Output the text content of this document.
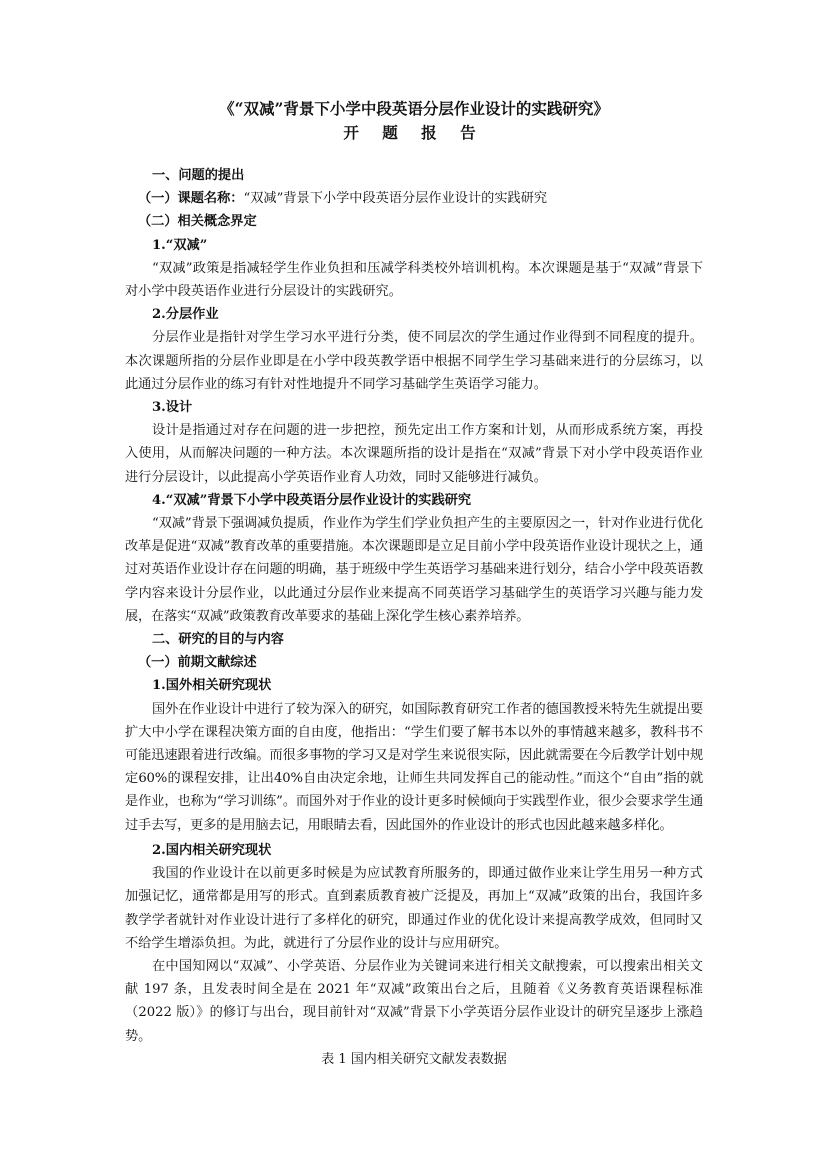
《“双减”背景下小学中段英语分层作业设计的实践研究》

开 题 报 告

一、问题的提出

（一）课题名称：“双减”背景下小学中段英语分层作业设计的实践研究

（二）相关概念界定

1.“双减”

“双减”政策是指减轻学生作业负担和压减学科类校外培训机构。本次课题是基于“双减”背景下对小学中段英语作业进行分层设计的实践研究。

2.分层作业

分层作业是指针对学生学习水平进行分类，使不同层次的学生通过作业得到不同程度的提升。本次课题所指的分层作业即是在小学中段英教学语中根据不同学生学习基础来进行的分层练习，以此通过分层作业的练习有针对性地提升不同学习基础学生英语学习能力。

3.设计

设计是指通过对存在问题的进一步把控，预先定出工作方案和计划，从而形成系统方案，再投入使用，从而解决问题的一种方法。本次课题所指的设计是指在“双减”背景下对小学中段英语作业进行分层设计，以此提高小学英语作业育人功效，同时又能够进行减负。

4.“双减”背景下小学中段英语分层作业设计的实践研究

“双减”背景下强调减负提质，作业作为学生们学业负担产生的主要原因之一，针对作业进行优化改革是促进“双减”教育改革的重要措施。本次课题即是立足目前小学中段英语作业设计现状之上，通过对英语作业设计存在问题的明确，基于班级中学生英语学习基础来进行划分，结合小学中段英语教学内容来设计分层作业，以此通过分层作业来提高不同英语学习基础学生的英语学习兴趣与能力发展，在落实“双减”政策教育改革要求的基础上深化学生核心素养培养。

二、研究的目的与内容

（一）前期文献综述

1.国外相关研究现状

国外在作业设计中进行了较为深入的研究，如国际教育研究工作者的德国教授米特先生就提出要扩大中小学在课程决策方面的自由度，他指出：“学生们要了解书本以外的事情越来越多，教科书不可能迅速跟着进行改编。而很多事物的学习又是对学生来说很实际，因此就需要在今后教学计划中规定60%的课程安排，让出40%自由决定余地，让师生共同发挥自己的能动性。”而这个“自由”指的就是作业，也称为“学习训练”。而国外对于作业的设计更多时候倾向于实践型作业，很少会要求学生通过手去写，更多的是用脑去记，用眼睛去看，因此国外的作业设计的形式也因此越来越多样化。

2.国内相关研究现状

我国的作业设计在以前更多时候是为应试教育所服务的，即通过做作业来让学生用另一种方式加强记忆，通常都是用写的形式。直到素质教育被广泛提及，再加上“双减”政策的出台，我国许多教学学者就针对作业设计进行了多样化的研究，即通过作业的优化设计来提高教学成效，但同时又不给学生增添负担。为此，就进行了分层作业的设计与应用研究。

在中国知网以“双减”、小学英语、分层作业为关键词来进行相关文献搜索，可以搜索出相关文献 197 条，且发表时间全是在 2021 年“双减”政策出台之后，且随着《义务教育英语课程标准（2022 版）》的修订与出台，现目前针对“双减”背景下小学英语分层作业设计的研究呈逐步上涨趋势。

表 1 国内相关研究文献发表数据
